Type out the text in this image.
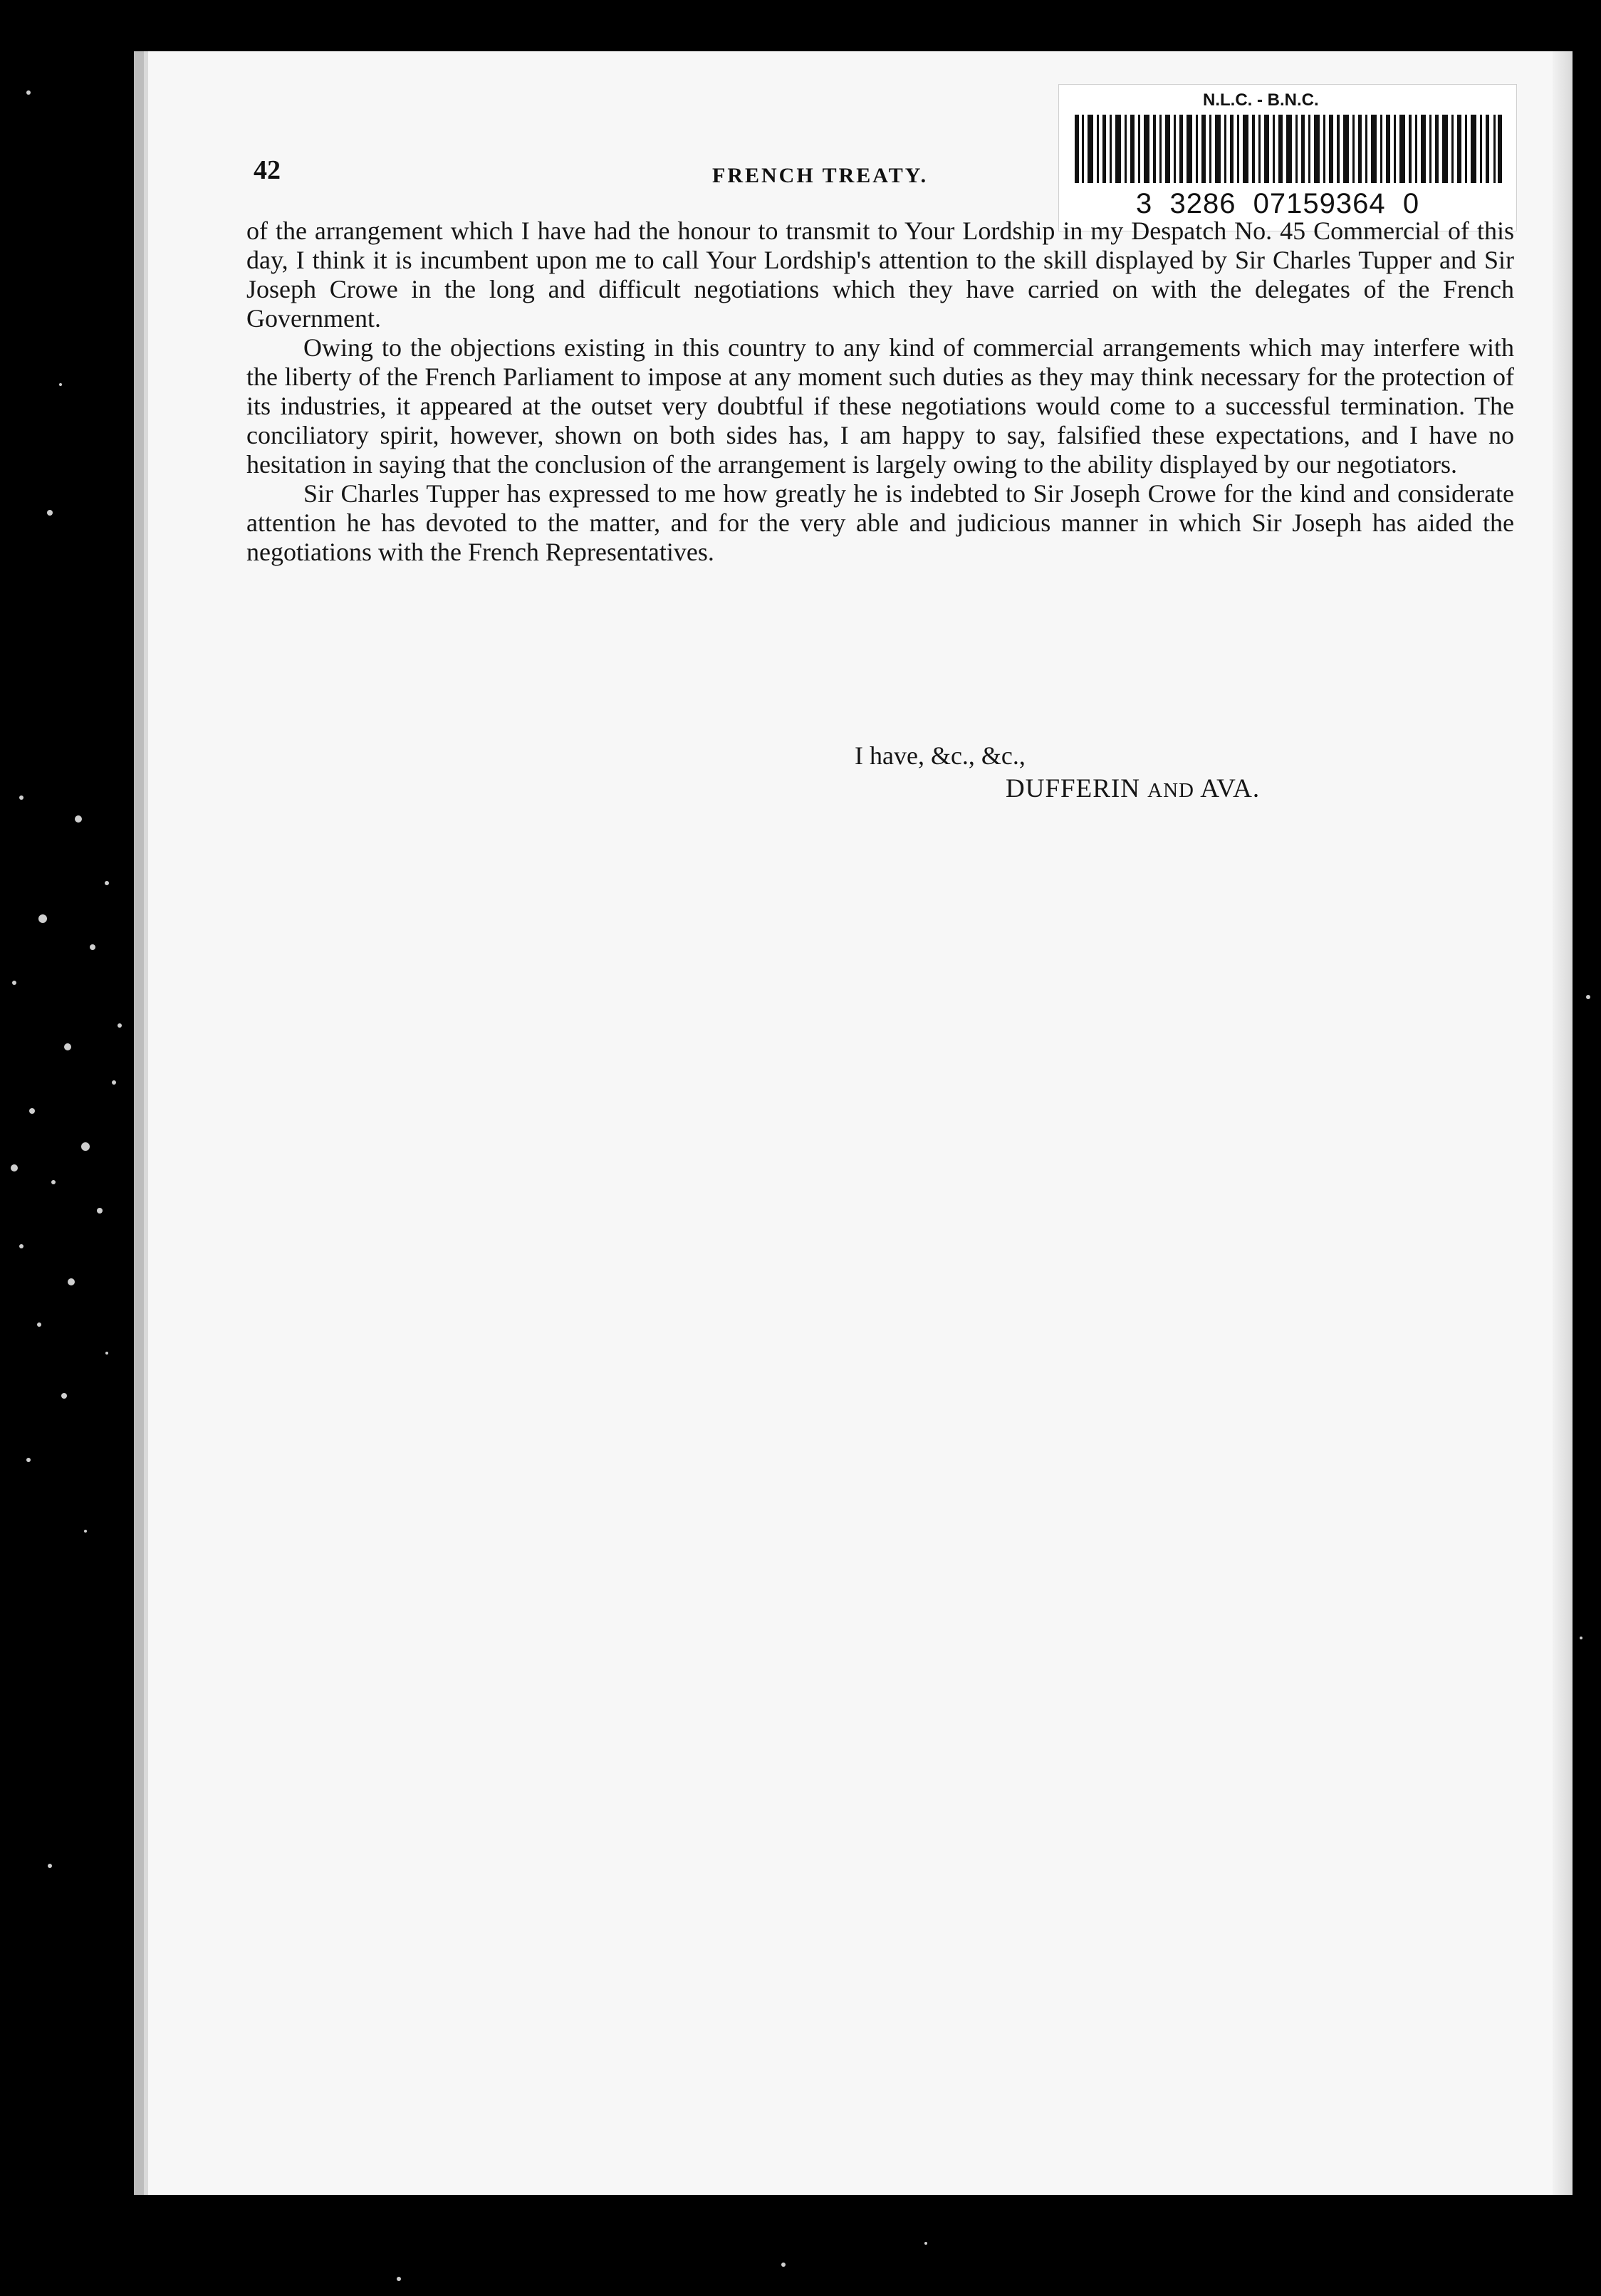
N.L.C. - B.N.C.
3  3286  07159364  0
42	FRENCH TREATY.

of the arrangement which I have had the honour to transmit to Your Lordship in my Despatch No. 45 Commercial of this day, I think it is incumbent upon me to call Your Lordship's attention to the skill displayed by Sir Charles Tupper and Sir Joseph Crowe in the long and difficult negotiations which they have carried on with the delegates of the French Government.

Owing to the objections existing in this country to any kind of commercial arrangements which may interfere with the liberty of the French Parliament to impose at any moment such duties as they may think necessary for the protection of its industries, it appeared at the outset very doubtful if these negotiations would come to a successful termination. The conciliatory spirit, however, shown on both sides has, I am happy to say, falsified these expectations, and I have no hesitation in saying that the conclusion of the arrangement is largely owing to the ability displayed by our negotiators.

Sir Charles Tupper has expressed to me how greatly he is indebted to Sir Joseph Crowe for the kind and considerate attention he has devoted to the matter, and for the very able and judicious manner in which Sir Joseph has aided the negotiations with the French Representatives.

I have, &c., &c.,
DUFFERIN AND AVA.
